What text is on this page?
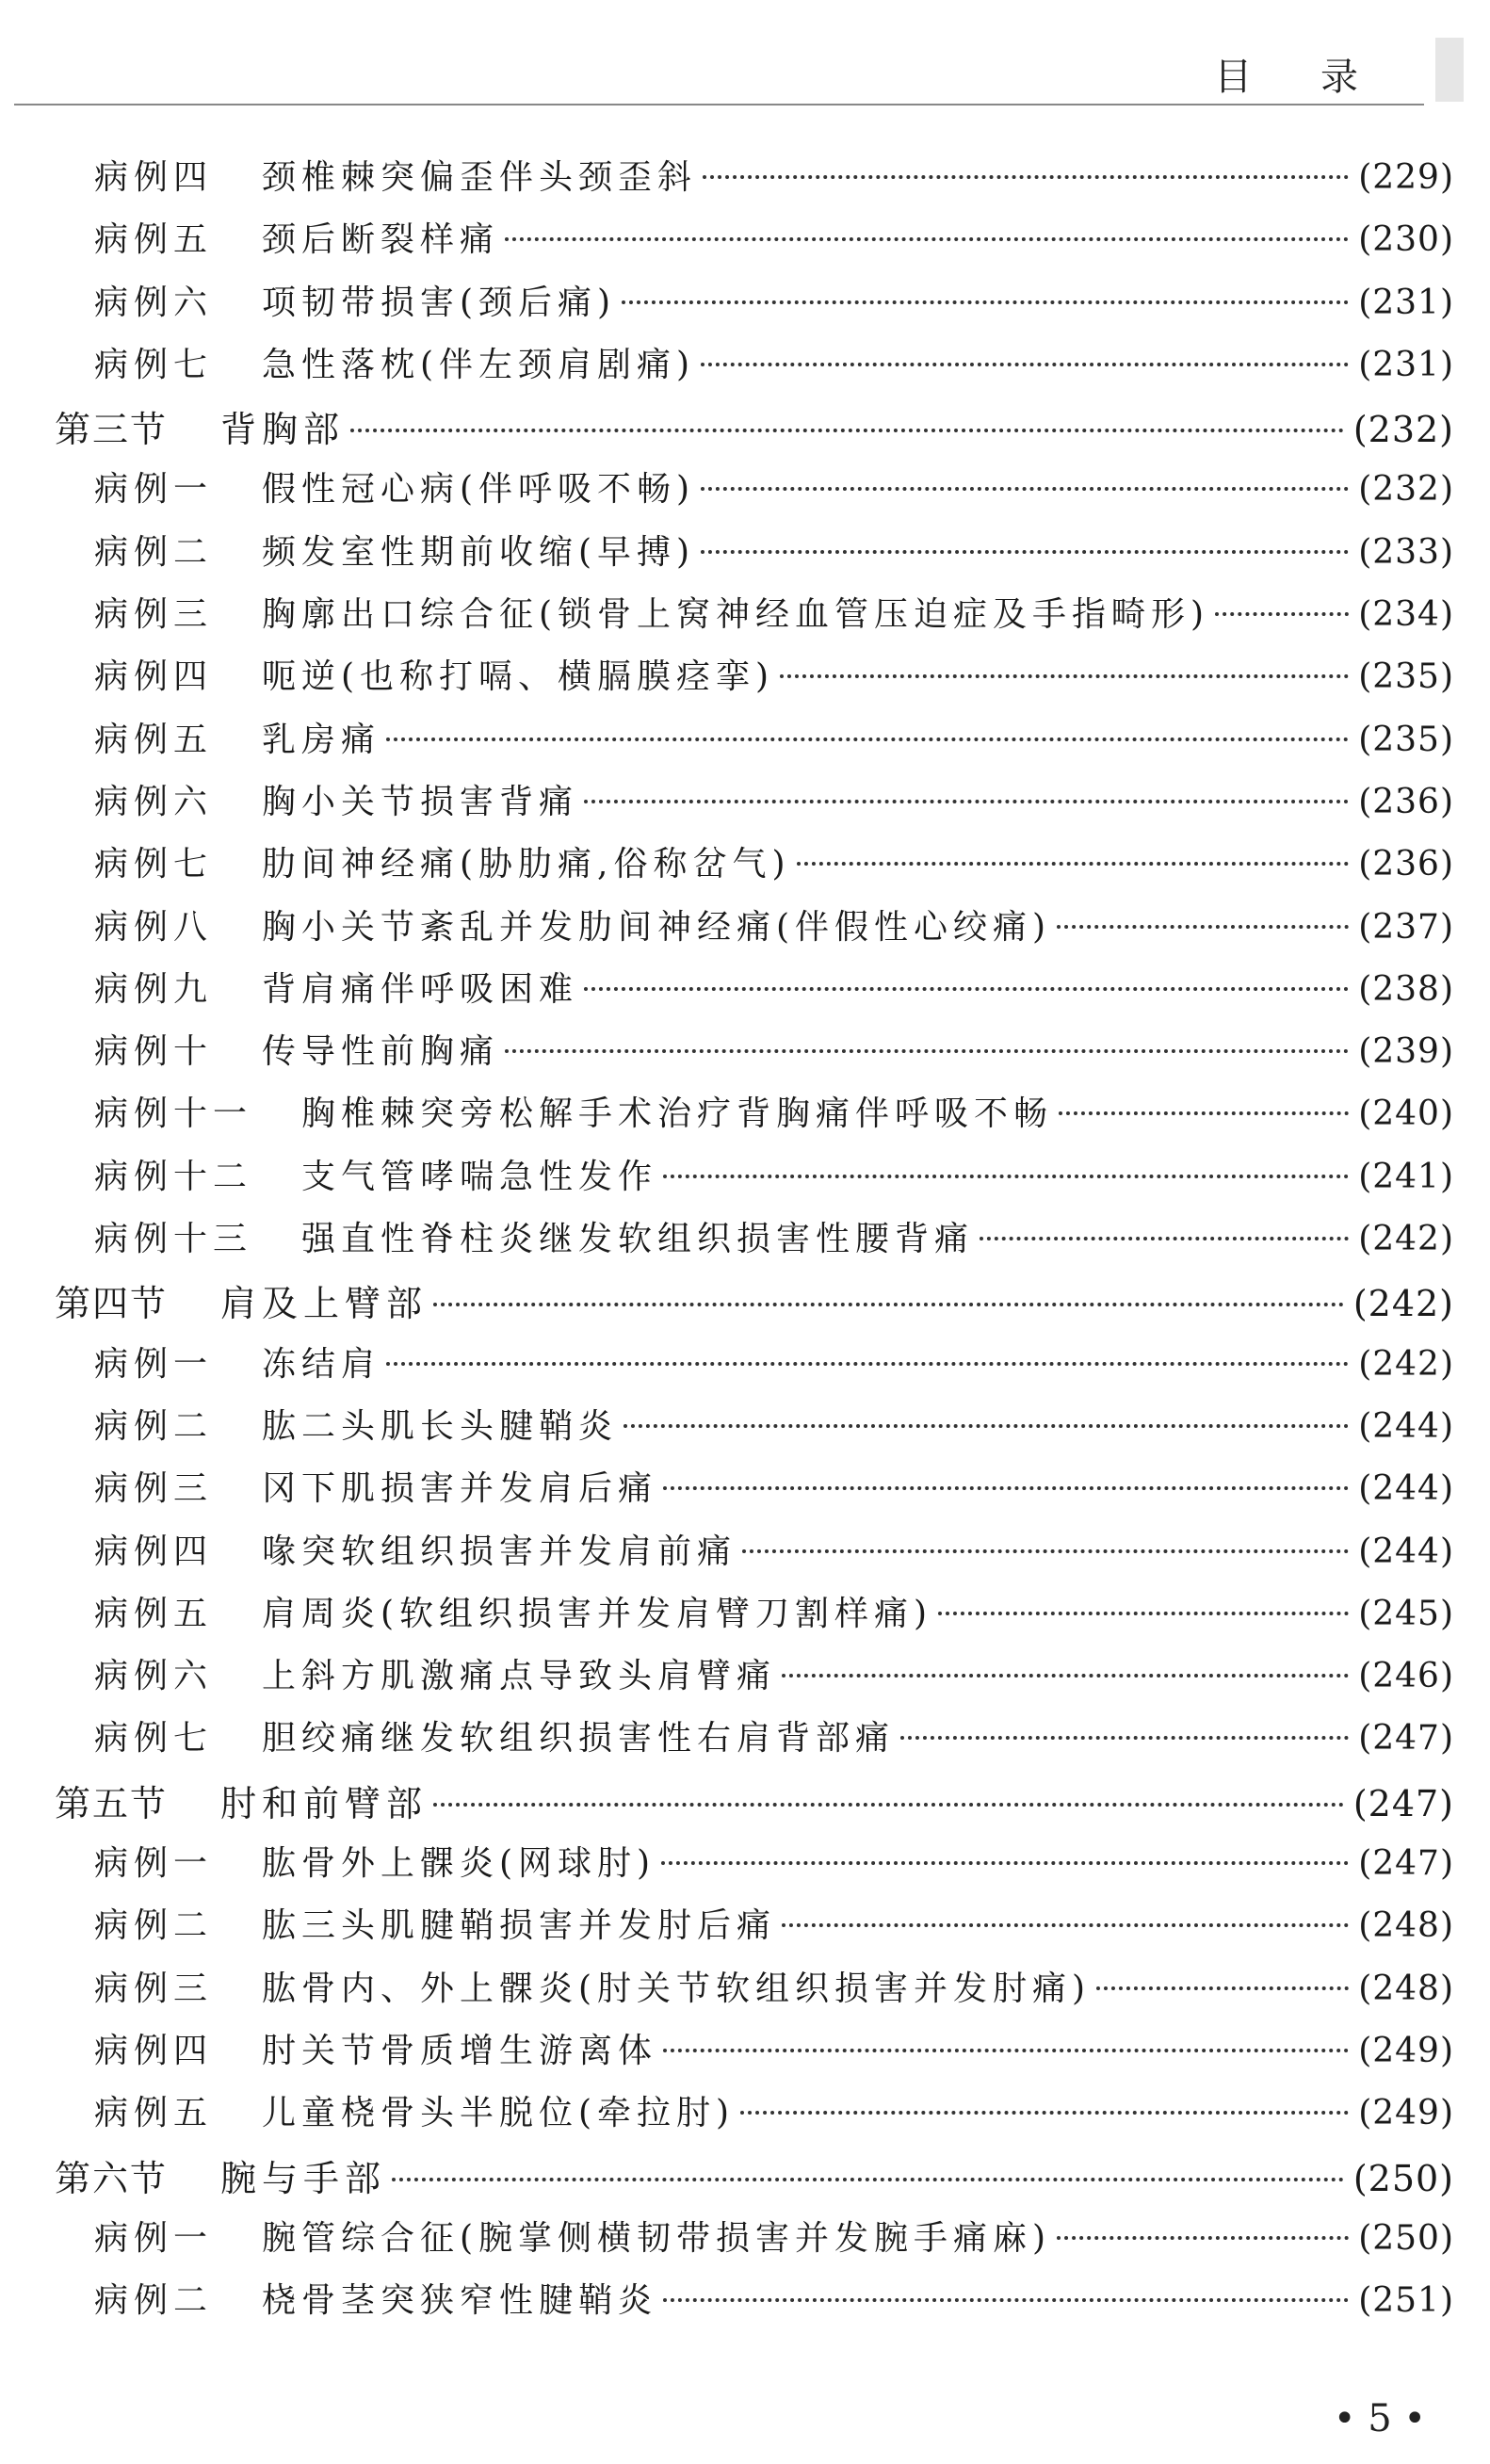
目 录
病例四	颈椎棘突偏歪伴头颈歪斜	(229)
病例五	颈后断裂样痛	(230)
病例六	项韧带损害(颈后痛)	(231)
病例七	急性落枕(伴左颈肩剧痛)	(231)
第三节	背胸部	(232)
病例一	假性冠心病(伴呼吸不畅)	(232)
病例二	频发室性期前收缩(早搏)	(233)
病例三	胸廓出口综合征(锁骨上窝神经血管压迫症及手指畸形)	(234)
病例四	呃逆(也称打嗝、横膈膜痉挛)	(235)
病例五	乳房痛	(235)
病例六	胸小关节损害背痛	(236)
病例七	肋间神经痛(胁肋痛,俗称岔气)	(236)
病例八	胸小关节紊乱并发肋间神经痛(伴假性心绞痛)	(237)
病例九	背肩痛伴呼吸困难	(238)
病例十	传导性前胸痛	(239)
病例十一	胸椎棘突旁松解手术治疗背胸痛伴呼吸不畅	(240)
病例十二	支气管哮喘急性发作	(241)
病例十三	强直性脊柱炎继发软组织损害性腰背痛	(242)
第四节	肩及上臂部	(242)
病例一	冻结肩	(242)
病例二	肱二头肌长头腱鞘炎	(244)
病例三	冈下肌损害并发肩后痛	(244)
病例四	喙突软组织损害并发肩前痛	(244)
病例五	肩周炎(软组织损害并发肩臂刀割样痛)	(245)
病例六	上斜方肌激痛点导致头肩臂痛	(246)
病例七	胆绞痛继发软组织损害性右肩背部痛	(247)
第五节	肘和前臂部	(247)
病例一	肱骨外上髁炎(网球肘)	(247)
病例二	肱三头肌腱鞘损害并发肘后痛	(248)
病例三	肱骨内、外上髁炎(肘关节软组织损害并发肘痛)	(248)
病例四	肘关节骨质增生游离体	(249)
病例五	儿童桡骨头半脱位(牵拉肘)	(249)
第六节	腕与手部	(250)
病例一	腕管综合征(腕掌侧横韧带损害并发腕手痛麻)	(250)
病例二	桡骨茎突狭窄性腱鞘炎	(251)
• 5 •
